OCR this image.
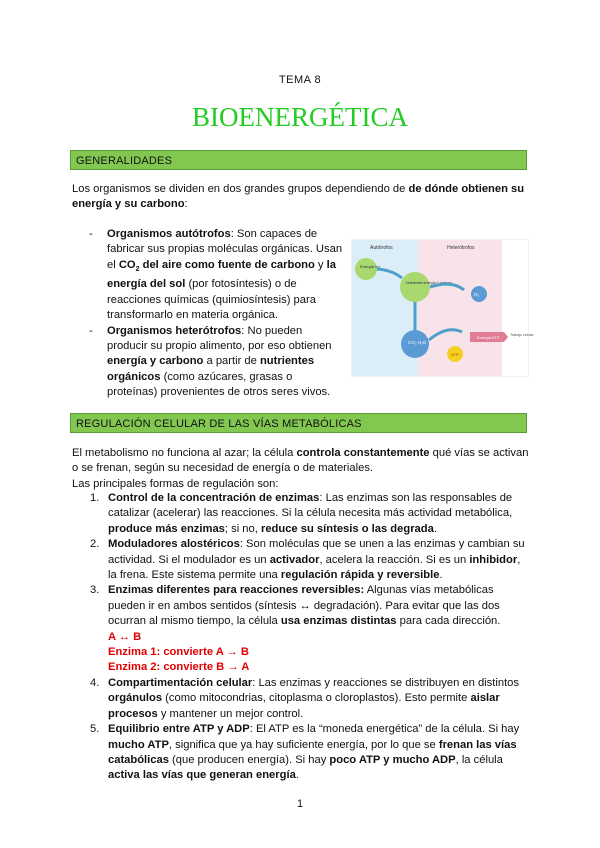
TEMA 8
BIOENERGÉTICA
GENERALIDADES
Los organismos se dividen en dos grandes grupos dependiendo de de dónde obtienen su energía y su carbono:
- Organismos autótrofos: Son capaces de fabricar sus propias moléculas orgánicas. Usan el $CO_2$ del aire como fuente de carbono y la energía del sol (por fotosíntesis) o de reacciones químicas (quimiosíntesis) para transformarlo en materia orgánica.
- Organismos heterótrofos: No pueden producir su propio alimento, por eso obtienen energía y carbono a partir de nutrientes orgánicos (como azúcares, grasas o proteínas) provenientes de otros seres vivos.
Autótrofos	Heterótrofos
Energía luz
Nutrientes energía + materia
O₂
CO₂ H₂O
ATP
Energía ATP	Trabajo celular
REGULACIÓN CELULAR DE LAS VÍAS METABÓLICAS
El metabolismo no funciona al azar; la célula controla constantemente qué vías se activan o se frenan, según su necesidad de energía o de materiales.
Las principales formas de regulación son:
1. Control de la concentración de enzimas: Las enzimas son las responsables de catalizar (acelerar) las reacciones. Si la célula necesita más actividad metabólica, produce más enzimas; si no, reduce su síntesis o las degrada.
2. Moduladores alostéricos: Son moléculas que se unen a las enzimas y cambian su actividad. Si el modulador es un activador, acelera la reacción. Si es un inhibidor, la frena. Este sistema permite una regulación rápida y reversible.
3. Enzimas diferentes para reacciones reversibles: Algunas vías metabólicas pueden ir en ambos sentidos (síntesis ↔ degradación). Para evitar que las dos ocurran al mismo tiempo, la célula usa enzimas distintas para cada dirección.
A ↔ B
Enzima 1: convierte A → B
Enzima 2: convierte B → A
4. Compartimentación celular: Las enzimas y reacciones se distribuyen en distintos orgánulos (como mitocondrias, citoplasma o cloroplastos). Esto permite aislar procesos y mantener un mejor control.
5. Equilibrio entre ATP y ADP: El ATP es la “moneda energética” de la célula. Si hay mucho ATP, significa que ya hay suficiente energía, por lo que se frenan las vías catabólicas (que producen energía). Si hay poco ATP y mucho ADP, la célula activa las vías que generan energía.
1
